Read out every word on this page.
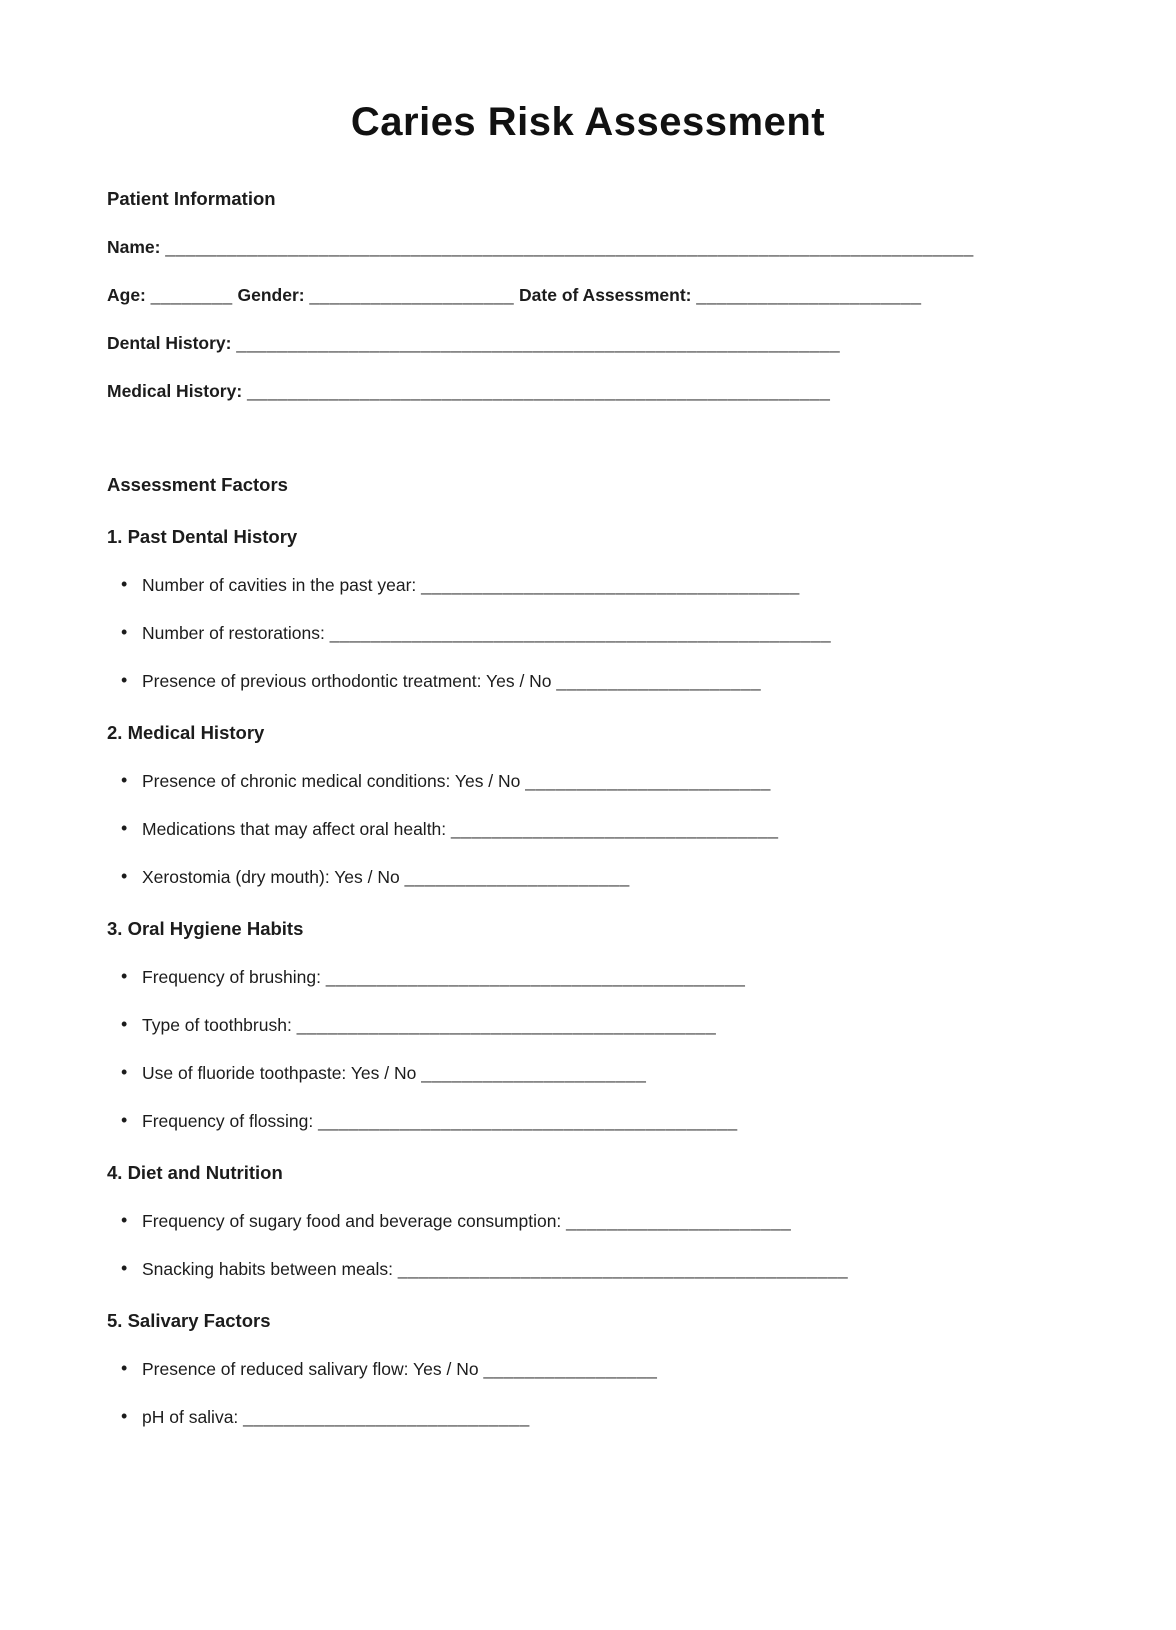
Caries Risk Assessment
Patient Information
Name: _______________________________________________________________________________
Age: ________ Gender: ____________________ Date of Assessment: ______________________
Dental History: ___________________________________________________________
Medical History: _________________________________________________________
Assessment Factors
1. Past Dental History
• Number of cavities in the past year: _____________________________________
• Number of restorations: _________________________________________________
• Presence of previous orthodontic treatment: Yes / No ____________________
2. Medical History
• Presence of chronic medical conditions: Yes / No ________________________
• Medications that may affect oral health: ________________________________
• Xerostomia (dry mouth): Yes / No ______________________
3. Oral Hygiene Habits
• Frequency of brushing: _________________________________________
• Type of toothbrush: _________________________________________
• Use of fluoride toothpaste: Yes / No ______________________
• Frequency of flossing: _________________________________________
4. Diet and Nutrition
• Frequency of sugary food and beverage consumption: ______________________
• Snacking habits between meals: ____________________________________________
5. Salivary Factors
• Presence of reduced salivary flow: Yes / No _________________
• pH of saliva: ____________________________
